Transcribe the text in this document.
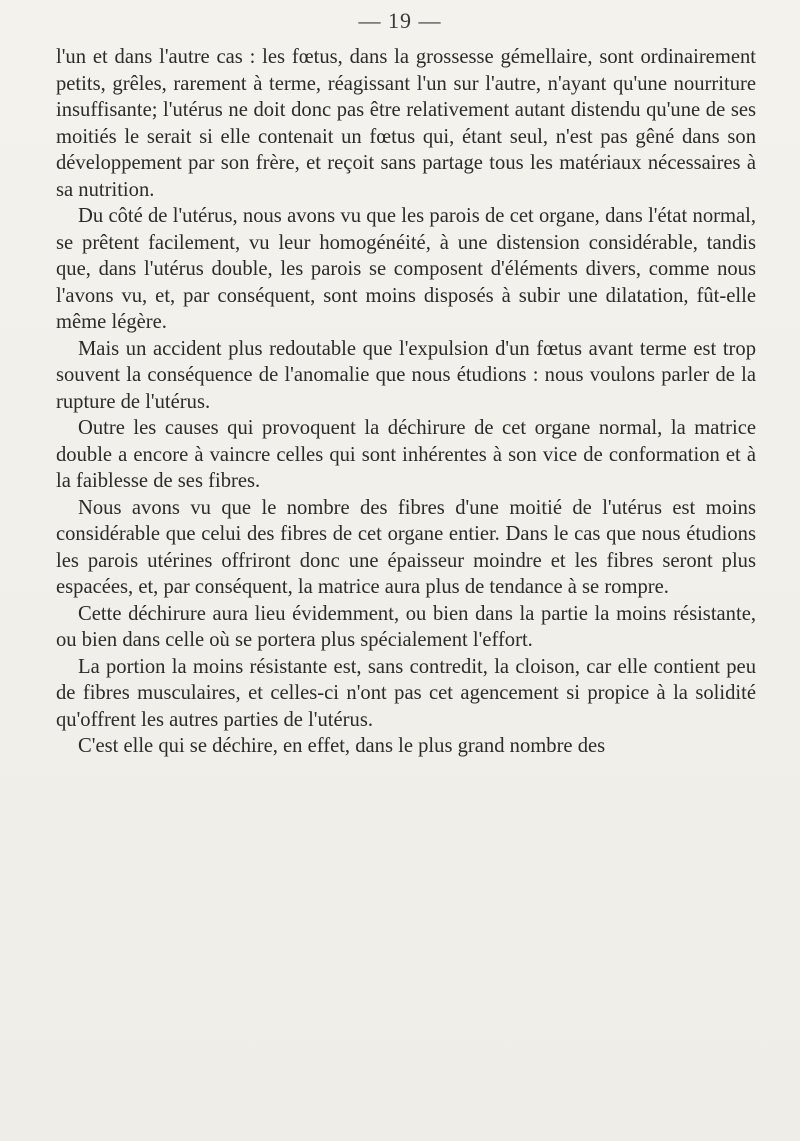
— 19 —

l'un et dans l'autre cas : les fœtus, dans la grossesse gémellaire, sont ordinairement petits, grêles, rarement à terme, réagissant l'un sur l'autre, n'ayant qu'une nourriture insuffisante; l'utérus ne doit donc pas être relativement autant distendu qu'une de ses moitiés le serait si elle contenait un fœtus qui, étant seul, n'est pas gêné dans son développement par son frère, et reçoit sans partage tous les matériaux nécessaires à sa nutrition.

Du côté de l'utérus, nous avons vu que les parois de cet organe, dans l'état normal, se prêtent facilement, vu leur homogénéité, à une distension considérable, tandis que, dans l'utérus double, les parois se composent d'éléments divers, comme nous l'avons vu, et, par conséquent, sont moins disposés à subir une dilatation, fût-elle même légère.

Mais un accident plus redoutable que l'expulsion d'un fœtus avant terme est trop souvent la conséquence de l'anomalie que nous étudions : nous voulons parler de la rupture de l'utérus.

Outre les causes qui provoquent la déchirure de cet organe normal, la matrice double a encore à vaincre celles qui sont inhérentes à son vice de conformation et à la faiblesse de ses fibres.

Nous avons vu que le nombre des fibres d'une moitié de l'utérus est moins considérable que celui des fibres de cet organe entier. Dans le cas que nous étudions les parois utérines offriront donc une épaisseur moindre et les fibres seront plus espacées, et, par conséquent, la matrice aura plus de tendance à se rompre.

Cette déchirure aura lieu évidemment, ou bien dans la partie la moins résistante, ou bien dans celle où se portera plus spécialement l'effort.

La portion la moins résistante est, sans contredit, la cloison, car elle contient peu de fibres musculaires, et celles-ci n'ont pas cet agencement si propice à la solidité qu'offrent les autres parties de l'utérus.

C'est elle qui se déchire, en effet, dans le plus grand nombre des
